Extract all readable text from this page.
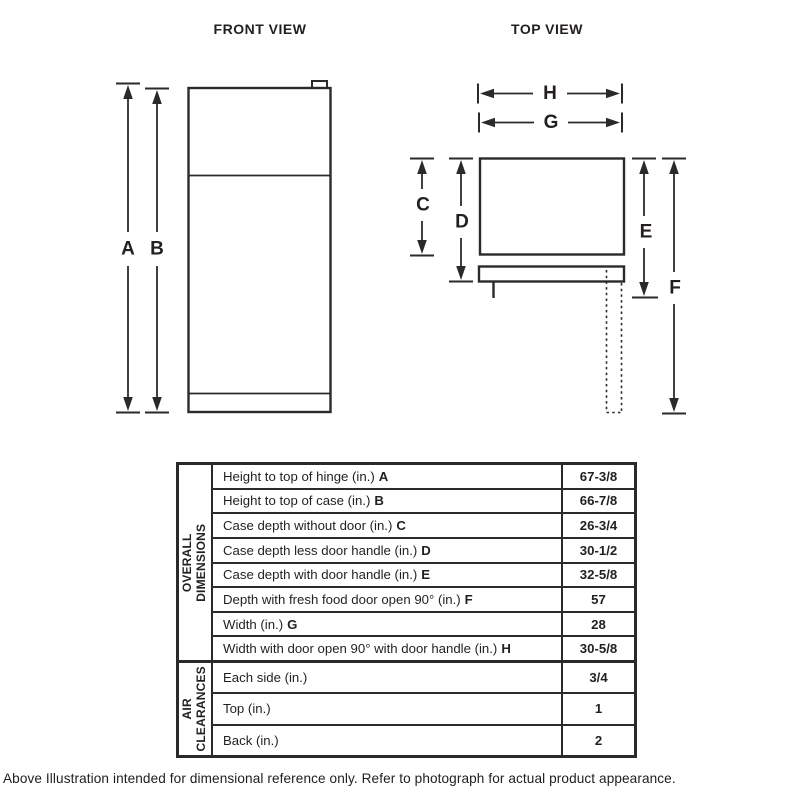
FRONT VIEW
A B
TOP VIEW
H
G
C
D	E
F
OVERALL DIMENSIONS
Height to top of hinge (in.) A	67-3/8
Height to top of case (in.) B	66-7/8
Case depth without door (in.) C	26-3/4
Case depth less door handle (in.) D	30-1/2
Case depth with door handle (in.) E	32-5/8
Depth with fresh food door open 90° (in.) F	57
Width (in.) G	28
Width with door open 90° with door handle (in.) H	30-5/8
AIR CLEARANCES Each side (in.)	3/4
Top (in.)	1
Back (in.)	2
Above Illustration intended for dimensional reference only. Refer to photograph for actual product appearance.
